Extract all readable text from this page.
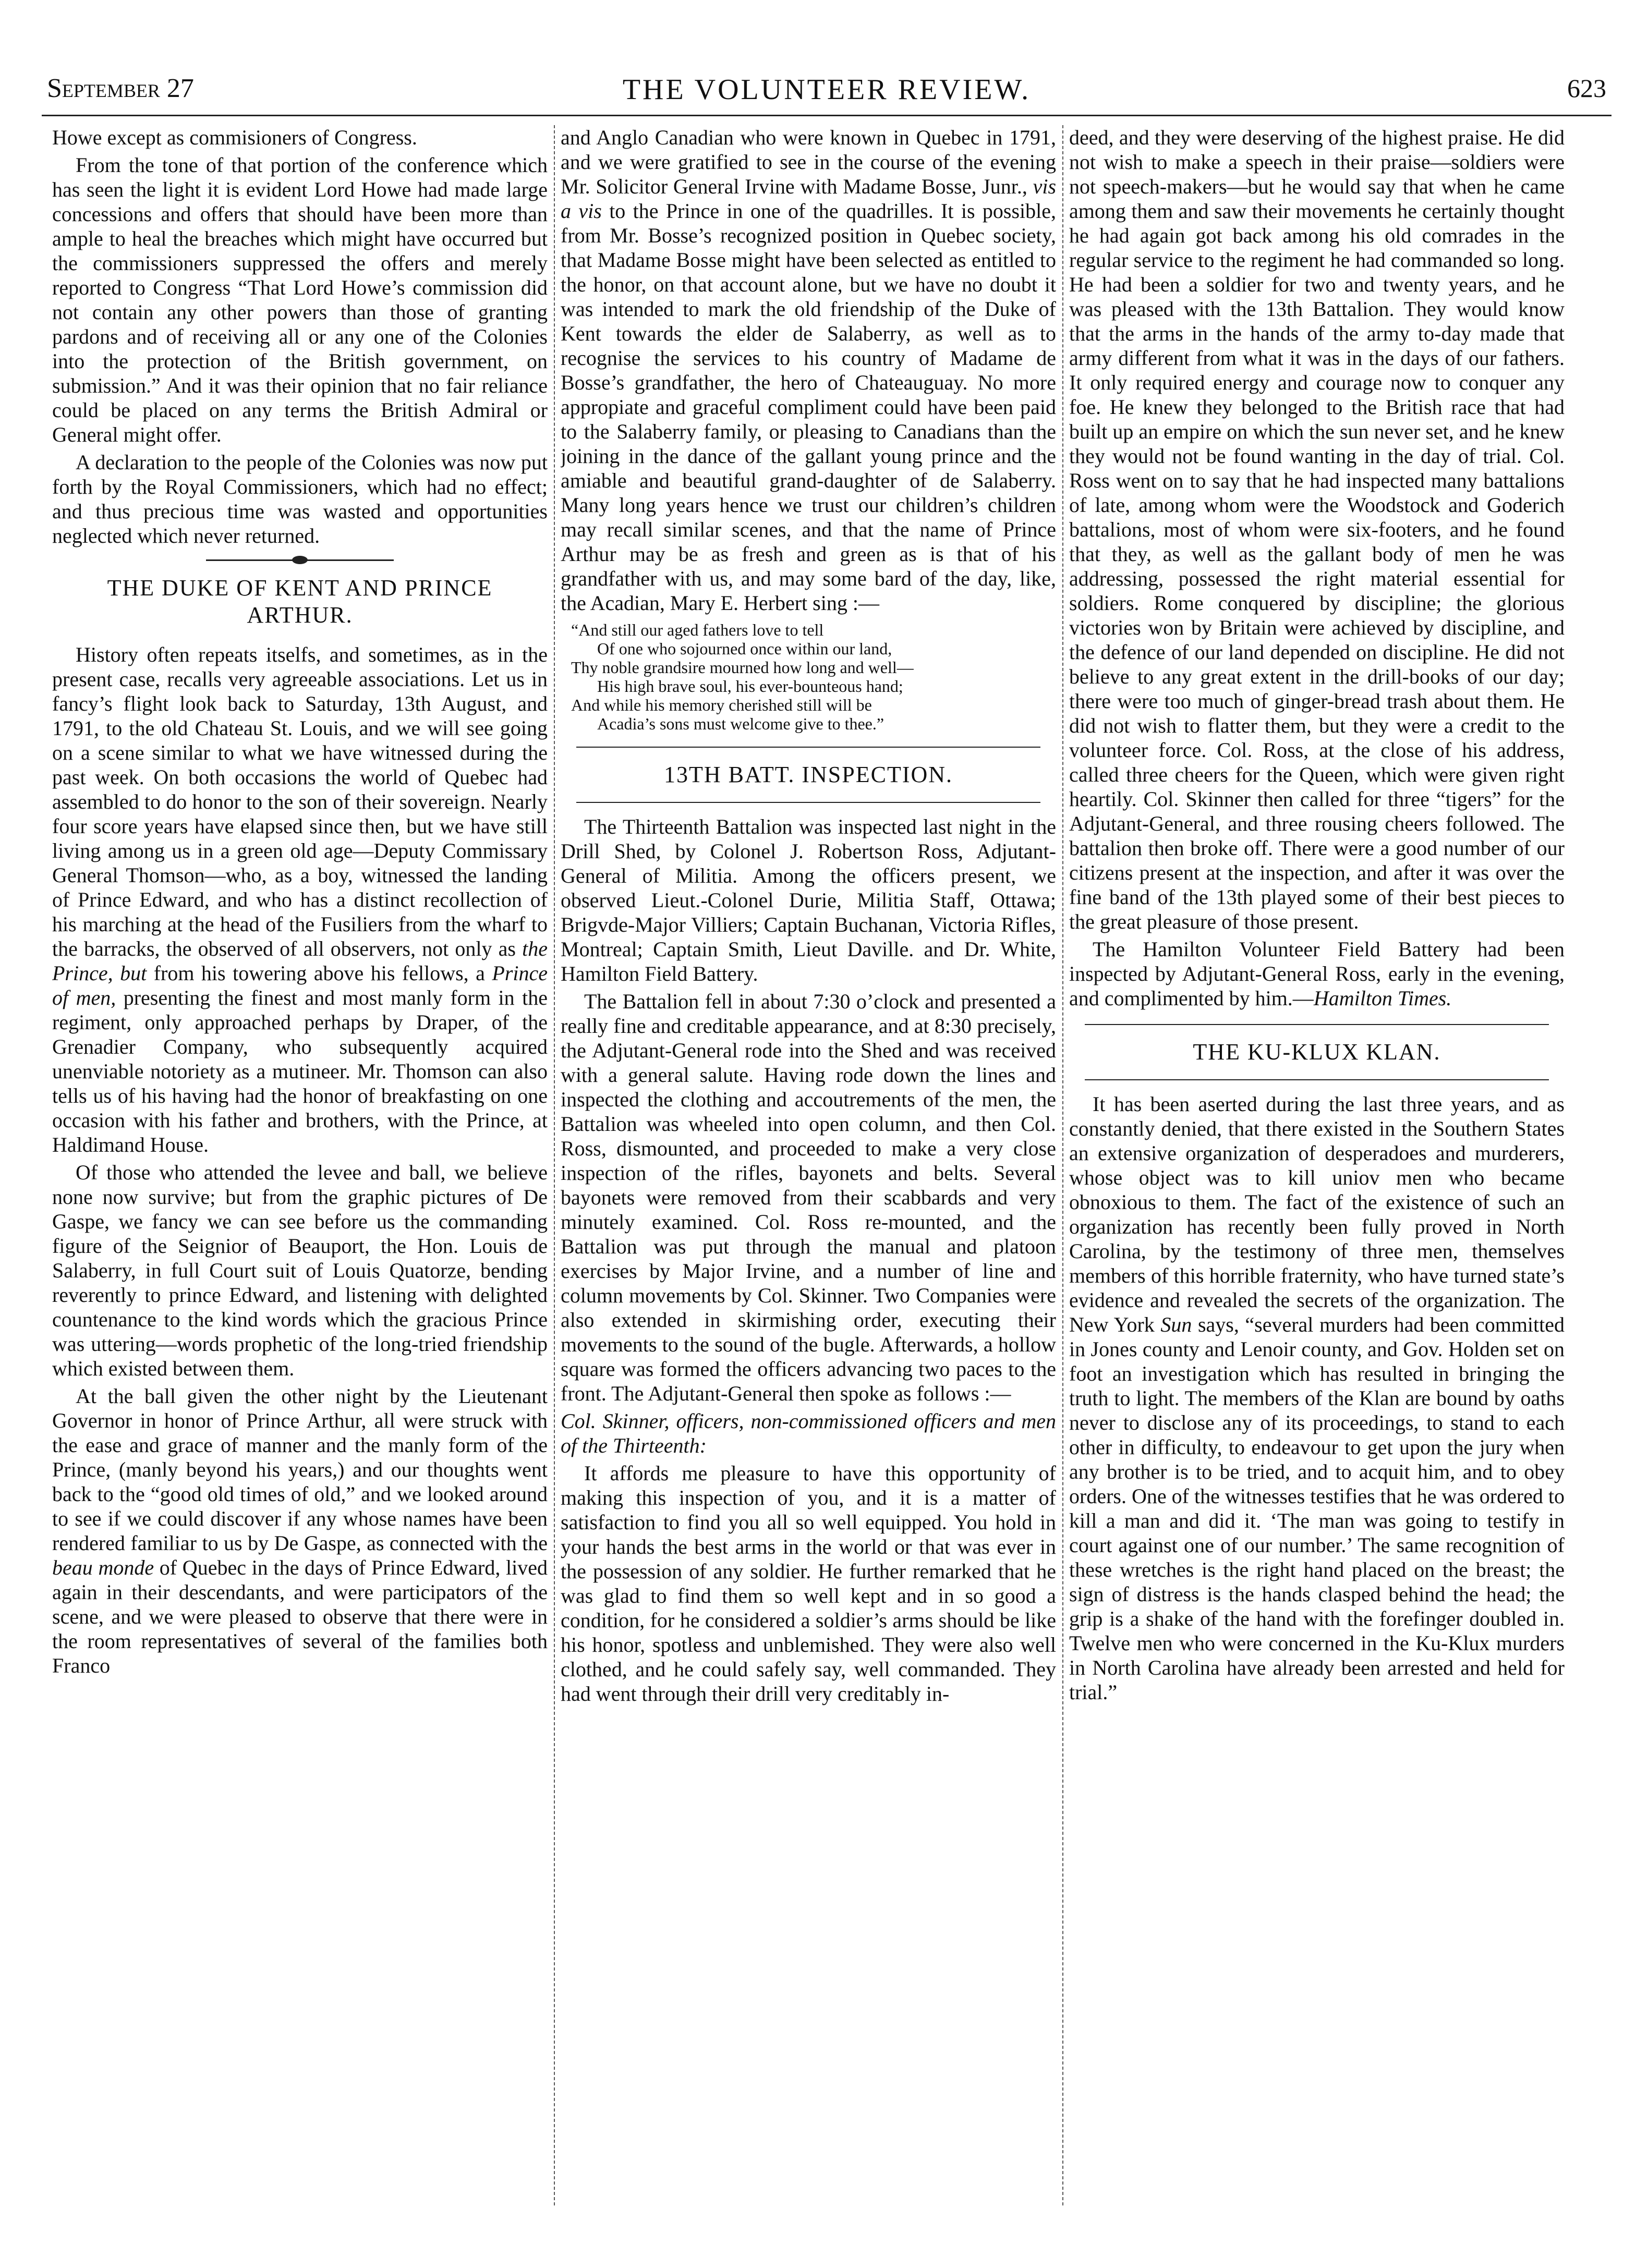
September 27	THE VOLUNTEER REVIEW.	623

Howe except as commisioners of Congress.

From the tone of that portion of the conference which has seen the light it is evident Lord Howe had made large concessions and offers that should have been more than ample to heal the breaches which might have occurred but the commissioners suppressed the offers and merely reported to Congress “That Lord Howe’s commission did not contain any other powers than those of granting pardons and of receiving all or any one of the Colonies into the protection of the British government, on submission.” And it was their opinion that no fair reliance could be placed on any terms the British Admiral or General might offer.

A declaration to the people of the Colonies was now put forth by the Royal Commissioners, which had no effect; and thus precious time was wasted and opportunities neglected which never returned.

THE DUKE OF KENT AND PRINCE ARTHUR.

History often repeats itselfs, and sometimes, as in the present case, recalls very agreeable associations. Let us in fancy’s flight look back to Saturday, 13th August, and 1791, to the old Chateau St. Louis, and we will see going on a scene similar to what we have witnessed during the past week. On both occasions the world of Quebec had assembled to do honor to the son of their sovereign. Nearly four score years have elapsed since then, but we have still living among us in a green old age—Deputy Commissary General Thomson—who, as a boy, witnessed the landing of Prince Edward, and who has a distinct recollection of his marching at the head of the Fusiliers from the wharf to the barracks, the observed of all observers, not only as the Prince, but from his towering above his fellows, a Prince of men, presenting the finest and most manly form in the regiment, only approached perhaps by Draper, of the Grenadier Company, who subsequently acquired unenviable notoriety as a mutineer. Mr. Thomson can also tells us of his having had the honor of breakfasting on one occasion with his father and brothers, with the Prince, at Haldimand House.

Of those who attended the levee and ball, we believe none now survive; but from the graphic pictures of De Gaspe, we fancy we can see before us the commanding figure of the Seignior of Beauport, the Hon. Louis de Salaberry, in full Court suit of Louis Quatorze, bending reverently to prince Edward, and listening with delighted countenance to the kind words which the gracious Prince was uttering—words prophetic of the long-tried friendship which existed between them.

At the ball given the other night by the Lieutenant Governor in honor of Prince Arthur, all were struck with the ease and grace of manner and the manly form of the Prince, (manly beyond his years,) and our thoughts went back to the “good old times of old,” and we looked around to see if we could discover if any whose names have been rendered familiar to us by De Gaspe, as connected with the beau monde of Quebec in the days of Prince Edward, lived again in their descendants, and were participators of the scene, and we were pleased to observe that there were in the room representatives of several of the families both Franco

and Anglo Canadian who were known in Quebec in 1791, and we were gratified to see in the course of the evening Mr. Solicitor General Irvine with Madame Bosse, Junr., vis a vis to the Prince in one of the quadrilles. It is possible, from Mr. Bosse’s recognized position in Quebec society, that Madame Bosse might have been selected as entitled to the honor, on that account alone, but we have no doubt it was intended to mark the old friendship of the Duke of Kent towards the elder de Salaberry, as well as to recognise the services to his country of Madame de Bosse’s grandfather, the hero of Chateauguay. No more appropiate and graceful compliment could have been paid to the Salaberry family, or pleasing to Canadians than the joining in the dance of the gallant young prince and the amiable and beautiful grand-daughter of de Salaberry. Many long years hence we trust our children’s children may recall similar scenes, and that the name of Prince Arthur may be as fresh and green as is that of his grandfather with us, and may some bard of the day, like, the Acadian, Mary E. Herbert sing :—

“And still our aged fathers love to tell
Of one who sojourned once within our land,
Thy noble grandsire mourned how long and well—
His high brave soul, his ever-bounteous hand;
And while his memory cherished still will be
Acadia’s sons must welcome give to thee.”
13TH BATT. INSPECTION.

The Thirteenth Battalion was inspected last night in the Drill Shed, by Colonel J. Robertson Ross, Adjutant-General of Militia. Among the officers present, we observed Lieut.-Colonel Durie, Militia Staff, Ottawa; Brigvde-Major Villiers; Captain Buchanan, Victoria Rifles, Montreal; Captain Smith, Lieut Daville. and Dr. White, Hamilton Field Battery.

The Battalion fell in about 7:30 o’clock and presented a really fine and creditable appearance, and at 8:30 precisely, the Adjutant-General rode into the Shed and was received with a general salute. Having rode down the lines and inspected the clothing and accoutrements of the men, the Battalion was wheeled into open column, and then Col. Ross, dismounted, and proceeded to make a very close inspection of the rifles, bayonets and belts. Several bayonets were removed from their scabbards and very minutely examined. Col. Ross re-mounted, and the Battalion was put through the manual and platoon exercises by Major Irvine, and a number of line and column movements by Col. Skinner. Two Companies were also extended in skirmishing order, executing their movements to the sound of the bugle. Afterwards, a hollow square was formed the officers advancing two paces to the front. The Adjutant-General then spoke as follows :—

Col. Skinner, officers, non-commissioned officers and men of the Thirteenth:

It affords me pleasure to have this opportunity of making this inspection of you, and it is a matter of satisfaction to find you all so well equipped. You hold in your hands the best arms in the world or that was ever in the possession of any soldier. He further remarked that he was glad to find them so well kept and in so good a condition, for he considered a soldier’s arms should be like his honor, spotless and unblemished. They were also well clothed, and he could safely say, well commanded. They had went through their drill very creditably in-

deed, and they were deserving of the highest praise. He did not wish to make a speech in their praise—soldiers were not speech-makers—but he would say that when he came among them and saw their movements he certainly thought he had again got back among his old comrades in the regular service to the regiment he had commanded so long. He had been a soldier for two and twenty years, and he was pleased with the 13th Battalion. They would know that the arms in the hands of the army to-day made that army different from what it was in the days of our fathers. It only required energy and courage now to conquer any foe. He knew they belonged to the British race that had built up an empire on which the sun never set, and he knew they would not be found wanting in the day of trial. Col. Ross went on to say that he had inspected many battalions of late, among whom were the Woodstock and Goderich battalions, most of whom were six-footers, and he found that they, as well as the gallant body of men he was addressing, possessed the right material essential for soldiers. Rome conquered by discipline; the glorious victories won by Britain were achieved by discipline, and the defence of our land depended on discipline. He did not believe to any great extent in the drill-books of our day; there were too much of ginger-bread trash about them. He did not wish to flatter them, but they were a credit to the volunteer force. Col. Ross, at the close of his address, called three cheers for the Queen, which were given right heartily. Col. Skinner then called for three “tigers” for the Adjutant-General, and three rousing cheers followed. The battalion then broke off. There were a good number of our citizens present at the inspection, and after it was over the fine band of the 13th played some of their best pieces to the great pleasure of those present.

The Hamilton Volunteer Field Battery had been inspected by Adjutant-General Ross, early in the evening, and complimented by him.—Hamilton Times.

THE KU-KLUX KLAN.

It has been aserted during the last three years, and as constantly denied, that there existed in the Southern States an extensive organization of desperadoes and murderers, whose object was to kill uniov men who became obnoxious to them. The fact of the existence of such an organization has recently been fully proved in North Carolina, by the testimony of three men, themselves members of this horrible fraternity, who have turned state’s evidence and revealed the secrets of the organization. The New York Sun says, “several murders had been committed in Jones county and Lenoir county, and Gov. Holden set on foot an investigation which has resulted in bringing the truth to light. The members of the Klan are bound by oaths never to disclose any of its proceedings, to stand to each other in difficulty, to endeavour to get upon the jury when any brother is to be tried, and to acquit him, and to obey orders. One of the witnesses testifies that he was ordered to kill a man and did it. ‘The man was going to testify in court against one of our number.’ The same recognition of these wretches is the right hand placed on the breast; the sign of distress is the hands clasped behind the head; the grip is a shake of the hand with the forefinger doubled in. Twelve men who were concerned in the Ku-Klux murders in North Carolina have already been arrested and held for trial.”
